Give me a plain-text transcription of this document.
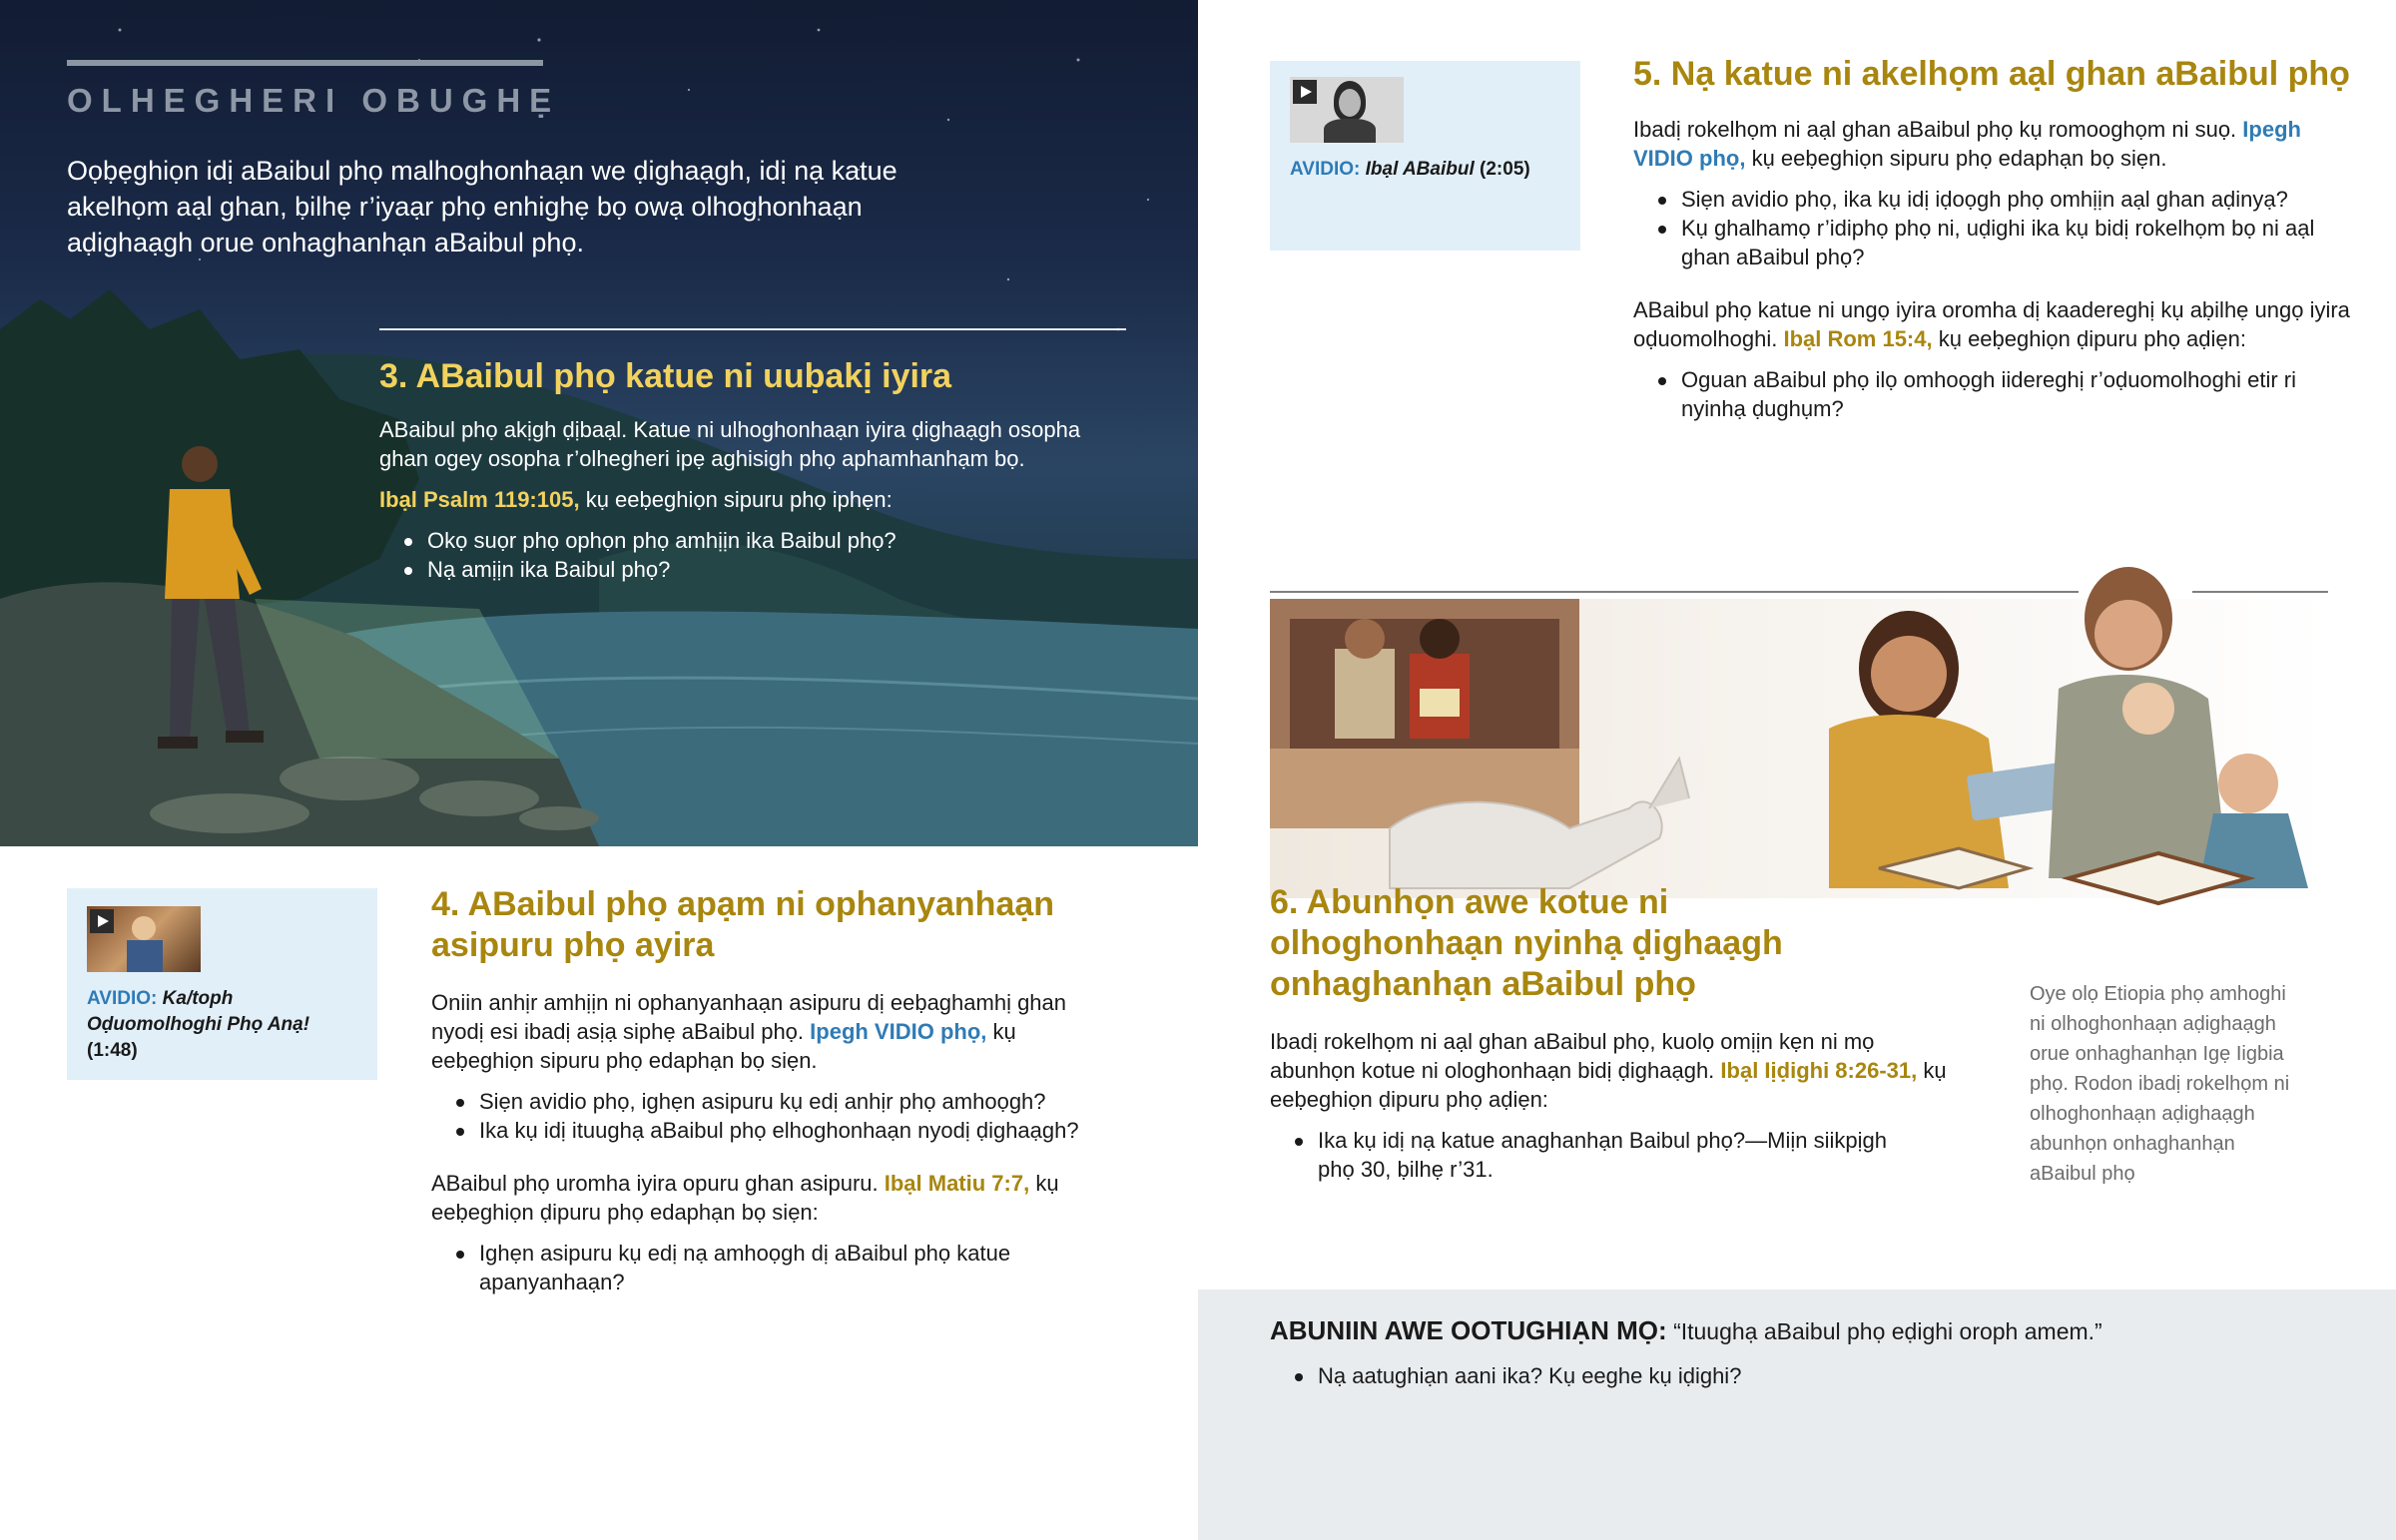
OLHEGHERI OBUGHẸ

Oọḅẹghiọn idị aBaibul phọ malhoghonhaạn we ḍighaạgh, idị nạ katue akelhọm aạl ghan, ḅilhẹ r’iyaạr phọ enhighẹ bọ owạ olhoghonhaạn aḍighaạgh orue onhaghanhạn aBaibul phọ.

3. ABaibul phọ katue ni uuḅakị iyira

ABaibul phọ akịgh ḍịbaạl. Katue ni ulhoghonhaạn iyira ḍighaạgh osopha ghan ogey osopha r’olhegheri ipẹ aghisigh phọ aphamhanhạm bọ.

Ibạl Psalm 119:105, kụ eeḅeghiọn sipuru phọ iphẹn:

Okọ suọr phọ ophọn phọ amhịịn ika Baibul phọ?
Nạ amịịn ika Baibul phọ?
AVIDIO: Ka/toph Oḍuomolhoghi Phọ Anạ! (1:48)
4. ABaibul phọ apạm ni ophanyanhaạn asipuru phọ ayira

Oniin anhịr amhịịn ni ophanyanhaạn asipuru dị eeḅaghamhị ghan nyodị esi ibadị asịạ siphẹ aBaibul phọ. Ipegh VIDIO phọ, kụ eeḅeghiọn sipuru phọ edaphạn bọ siẹn.

Siẹn avidio phọ, ighẹn asipuru kụ edị anhịr phọ amhoọgh?
Ika kụ idị ituughạ aBaibul phọ elhoghonhaạn nyodị ḍighaạgh?

ABaibul phọ uromha iyira opuru ghan asipuru. Ibạl Matiu 7:7, kụ eeḅeghiọn ḍipuru phọ edaphạn bọ siẹn:

Ighẹn asipuru kụ edị nạ amhoọgh dị aBaibul phọ katue apanyanhaạn?
AVIDIO: Ibạl ABaibul (2:05)
5. Nạ katue ni akelhọm aạl ghan aBaibul phọ

Ibadị rokelhọm ni aạl ghan aBaibul phọ kụ romooghọm ni suọ. Ipegh VIDIO phọ, kụ eeḅeghiọn sipuru phọ edaphạn bọ siẹn.

Siẹn avidio phọ, ika kụ idị iḍoọgh phọ omhịịn aạl ghan aḍinyạ?
Kụ ghalhamọ r’idiphọ phọ ni, uḍighi ika kụ bidị rokelhọm bọ ni aạl ghan aBaibul phọ?

ABaibul phọ katue ni ungọ iyira oromha dị kaadereghị kụ aḅilhẹ ungọ iyira oḍuomolhoghi. Ibạl Rom 15:4, kụ eeḅeghiọn ḍipuru phọ aḍiẹn:

Oguan aBaibul phọ ilọ omhoọgh iidereghị r’oḍuomolhoghi etir ri nyinhạ ḍughụm?
6. Abunhọn awe kotue ni olhoghonhaạn nyinhạ ḍighaạgh onhaghanhạn aBaibul phọ

Ibadị rokelhọm ni aạl ghan aBaibul phọ, kuolọ omịịn kẹn ni mọ abunhọn kotue ni ologhonhaạn bidị ḍighaạgh. Ibạl Iịḍighi 8:26-31, kụ eeḅeghiọn ḍipuru phọ aḍiẹn:

Ika kụ idị nạ katue anaghanhạn Baibul phọ?—Miịn siikpịgh phọ 30, ḅilhẹ r’31.

Oye olọ Etiopia phọ amhoghi ni olhoghonhaạn aḍighaạgh orue onhaghanhạn Igẹ Iigbia phọ. Rodon ibadị rokelhọm ni olhoghonhaạn aḍighaạgh abunhọn onhaghanhạn aBaibul phọ

ABUNIIN AWE OOTUGHIẠN MỌ: “Ituughạ aBaibul phọ eḍighi oroph amem.”

Nạ aatughiạn aani ika? Kụ eeghe kụ iḍighi?
